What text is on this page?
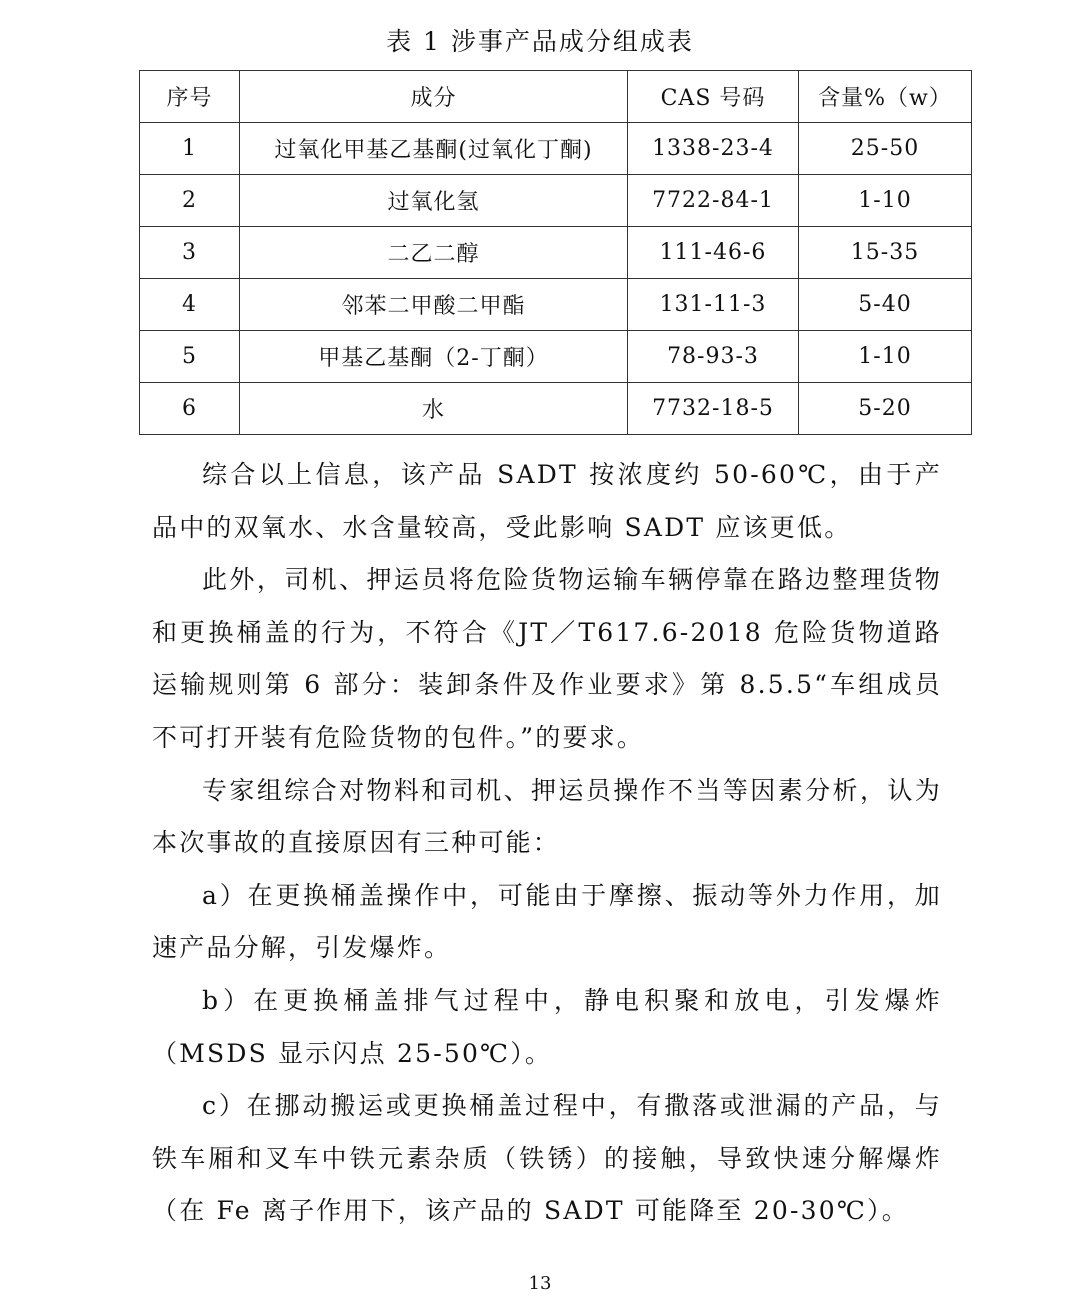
表 1 涉事产品成分组成表
序号	成分	CAS 号码	含量%（w）
1	过氧化甲基乙基酮(过氧化丁酮)	1338-23-4	25-50
2	过氧化氢	7722-84-1	1-10
3	二乙二醇	111-46-6	15-35
4	邻苯二甲酸二甲酯	131-11-3	5-40
5	甲基乙基酮（2-丁酮）	78-93-3	1-10
6	水	7732-18-5	5-20

综合以上信息，该产品 SADT 按浓度约 50-60℃，由于产品中的双氧水、水含量较高，受此影响 SADT 应该更低。

此外，司机、押运员将危险货物运输车辆停靠在路边整理货物和更换桶盖的行为，不符合《JT／T617.6-2018 危险货物道路运输规则第 6 部分：装卸条件及作业要求》第 8.5.5“车组成员不可打开装有危险货物的包件。”的要求。

专家组综合对物料和司机、押运员操作不当等因素分析，认为本次事故的直接原因有三种可能：

a）在更换桶盖操作中，可能由于摩擦、振动等外力作用，加速产品分解，引发爆炸。

b）在更换桶盖排气过程中，静电积聚和放电，引发爆炸（MSDS 显示闪点 25-50℃）。

c）在挪动搬运或更换桶盖过程中，有撒落或泄漏的产品，与铁车厢和叉车中铁元素杂质（铁锈）的接触，导致快速分解爆炸（在 Fe 离子作用下，该产品的 SADT 可能降至 20-30℃）。

13
